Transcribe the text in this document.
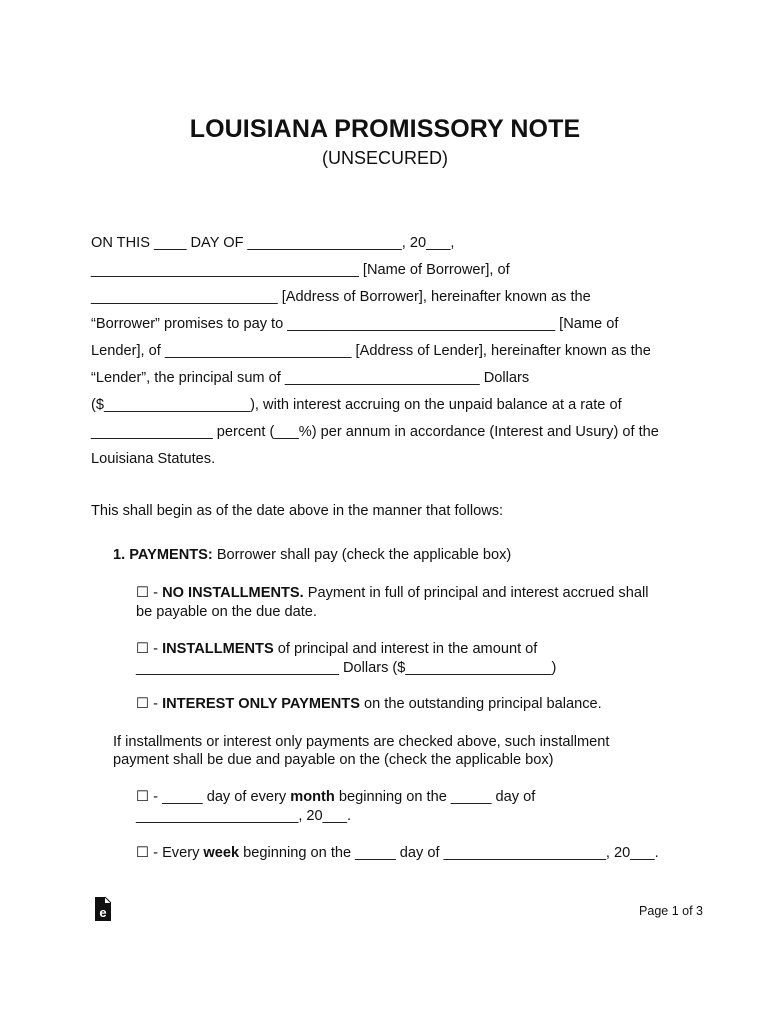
LOUISIANA PROMISSORY NOTE
(UNSECURED)
ON THIS ____ DAY OF ___________________, 20___,
_________________________________ [Name of Borrower], of
_______________________ [Address of Borrower], hereinafter known as the
“Borrower” promises to pay to _________________________________ [Name of
Lender], of _______________________ [Address of Lender], hereinafter known as the
“Lender”, the principal sum of ________________________ Dollars
($__________________), with interest accruing on the unpaid balance at a rate of
_______________ percent (___%) per annum in accordance (Interest and Usury) of the
Louisiana Statutes.
This shall begin as of the date above in the manner that follows:
1. PAYMENTS: Borrower shall pay (check the applicable box)
☐ - NO INSTALLMENTS. Payment in full of principal and interest accrued shall
be payable on the due date.
☐ - INSTALLMENTS of principal and interest in the amount of
_________________________ Dollars ($__________________)
☐ - INTEREST ONLY PAYMENTS on the outstanding principal balance.
If installments or interest only payments are checked above, such installment
payment shall be due and payable on the (check the applicable box)
☐ - _____ day of every month beginning on the _____ day of
____________________, 20___.
☐ - Every week beginning on the _____ day of ____________________, 20___.
e	Page 1 of 3
